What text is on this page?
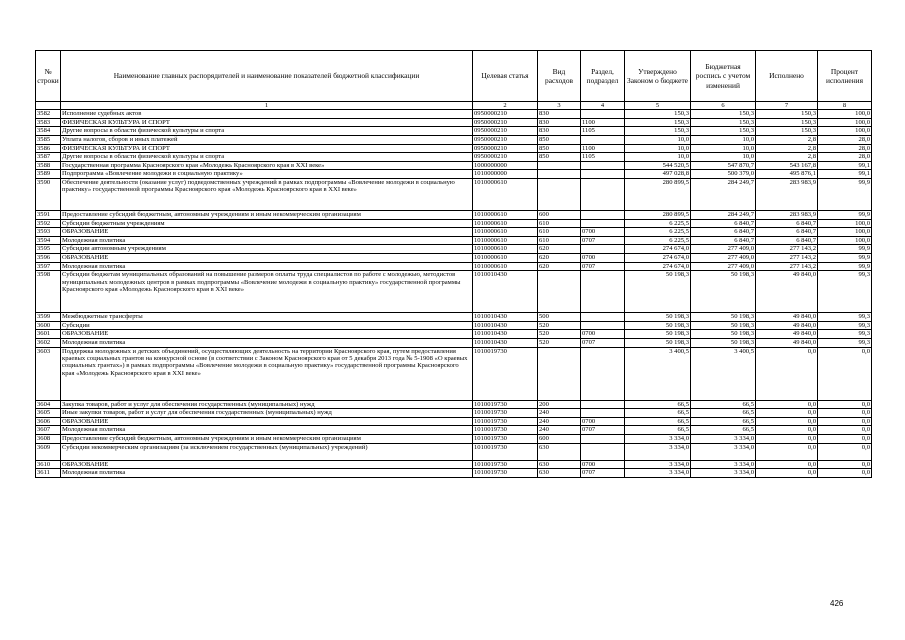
№ строки	Наименование главных распорядителей и наименование показателей бюджетной классификации	Целевая статья	Вид расходов	Раздел, подраздел	Утверждено Законом о бюджете	Бюджетная роспись с учетом изменений	Исполнено	Процент исполнения
	1	2	3	4	5	6	7	8
3582	Исполнение судебных актов	0950000210	830		150,3	150,3	150,3	100,0
3583	ФИЗИЧЕСКАЯ КУЛЬТУРА И СПОРТ	0950000210	830	1100	150,3	150,3	150,3	100,0
3584	Другие вопросы в области физической культуры и спорта	0950000210	830	1105	150,3	150,3	150,3	100,0
3585	Уплата налогов, сборов и иных платежей	0950000210	850		10,0	10,0	2,8	28,0
3586	ФИЗИЧЕСКАЯ КУЛЬТУРА И СПОРТ	0950000210	850	1100	10,0	10,0	2,8	28,0
3587	Другие вопросы в области физической культуры и спорта	0950000210	850	1105	10,0	10,0	2,8	28,0
3588	Государственная программа Красноярского края «Молодежь Красноярского края в XXI веке»	1000000000			544 520,5	547 870,7	543 167,8	99,1
3589	Подпрограмма «Вовлечение молодежи в социальную практику»	1010000000			497 028,8	500 379,0	495 876,1	99,1
3590	Обеспечение деятельности (оказание услуг) подведомственных учреждений в рамках подпрограммы «Вовлечение молодежи в социальную практику» государственной программы Красноярского края «Молодежь Красноярского края в XXI веке»	1010000610			280 899,5	284 249,7	283 983,9	99,9
3591	Предоставление субсидий бюджетным, автономным учреждениям и иным некоммерческим организациям	1010000610	600		280 899,5	284 249,7	283 983,9	99,9
3592	Субсидии бюджетным учреждениям	1010000610	610		6 225,5	6 840,7	6 840,7	100,0
3593	ОБРАЗОВАНИЕ	1010000610	610	0700	6 225,5	6 840,7	6 840,7	100,0
3594	Молодежная политика	1010000610	610	0707	6 225,5	6 840,7	6 840,7	100,0
3595	Субсидии автономным учреждениям	1010000610	620		274 674,0	277 409,0	277 143,2	99,9
3596	ОБРАЗОВАНИЕ	1010000610	620	0700	274 674,0	277 409,0	277 143,2	99,9
3597	Молодежная политика	1010000610	620	0707	274 674,0	277 409,0	277 143,2	99,9
3598	Субсидии бюджетам муниципальных образований на повышение размеров оплаты труда специалистов по работе с молодежью, методистов муниципальных молодежных центров в рамках подпрограммы «Вовлечение молодежи в социальную практику» государственной программы Красноярского края «Молодежь Красноярского края в XXI веке»	1010010430			50 198,3	50 198,3	49 840,0	99,3
3599	Межбюджетные трансферты	1010010430	500		50 198,3	50 198,3	49 840,0	99,3
3600	Субсидии	1010010430	520		50 198,3	50 198,3	49 840,0	99,3
3601	ОБРАЗОВАНИЕ	1010010430	520	0700	50 198,3	50 198,3	49 840,0	99,3
3602	Молодежная политика	1010010430	520	0707	50 198,3	50 198,3	49 840,0	99,3
3603	Поддержка молодежных и детских объединений, осуществляющих деятельность на территории Красноярского края, путем предоставления краевых социальных грантов на конкурсной основе (в соответствии с Законом Красноярского края от 5 декабря 2013 года № 5-1908 «О краевых социальных грантах») в рамках подпрограммы «Вовлечение молодежи в социальную практику» государственной программы Красноярского края «Молодежь Красноярского края в XXI веке»	1010019730			3 400,5	3 400,5	0,0	0,0
3604	Закупка товаров, работ и услуг для обеспечения государственных (муниципальных) нужд	1010019730	200		66,5	66,5	0,0	0,0
3605	Иные закупки товаров, работ и услуг для обеспечения государственных (муниципальных) нужд	1010019730	240		66,5	66,5	0,0	0,0
3606	ОБРАЗОВАНИЕ	1010019730	240	0700	66,5	66,5	0,0	0,0
3607	Молодежная политика	1010019730	240	0707	66,5	66,5	0,0	0,0
3608	Предоставление субсидий бюджетным, автономным учреждениям и иным некоммерческим организациям	1010019730	600		3 334,0	3 334,0	0,0	0,0
3609	Субсидии некоммерческим организациям (за исключением государственных (муниципальных) учреждений)	1010019730	630		3 334,0	3 334,0	0,0	0,0
3610	ОБРАЗОВАНИЕ	1010019730	630	0700	3 334,0	3 334,0	0,0	0,0
3611	Молодежная политика	1010019730	630	0707	3 334,0	3 334,0	0,0	0,0
426
